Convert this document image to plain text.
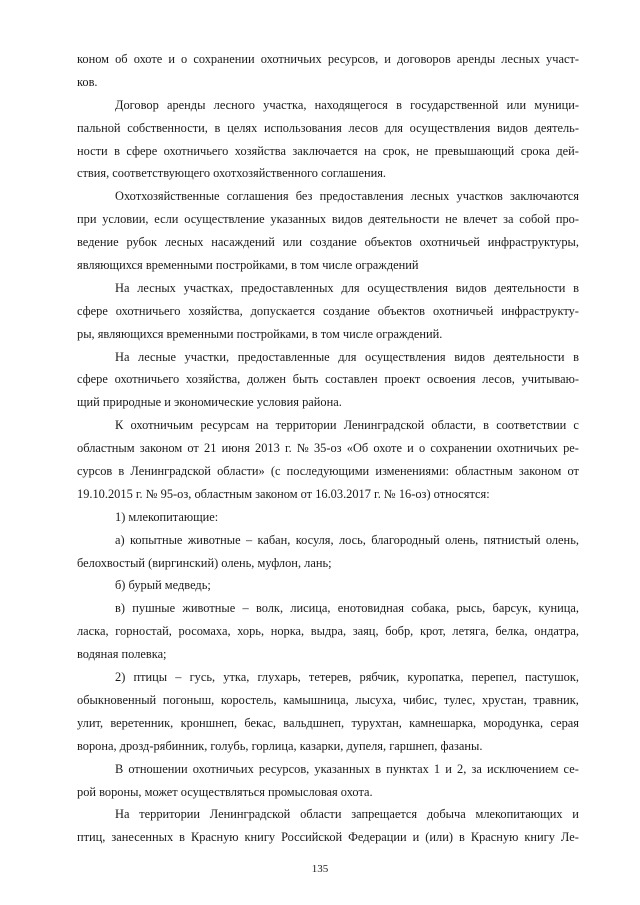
коном об охоте и о сохранении охотничьих ресурсов, и договоров аренды лесных участ-
ков.
Договор аренды лесного участка, находящегося в государственной или муници-
пальной собственности, в целях использования лесов для осуществления видов деятель-
ности в сфере охотничьего хозяйства заключается на срок, не превышающий срока дей-
ствия, соответствующего охотхозяйственного соглашения.
Охотхозяйственные соглашения без предоставления лесных участков заключаются
при условии, если осуществление указанных видов деятельности не влечет за собой про-
ведение рубок лесных насаждений или создание объектов охотничьей инфраструктуры,
являющихся временными постройками, в том числе ограждений
На лесных участках, предоставленных для осуществления видов деятельности в
сфере охотничьего хозяйства, допускается создание объектов охотничьей инфраструкту-
ры, являющихся временными постройками, в том числе ограждений.
На лесные участки, предоставленные для осуществления видов деятельности в
сфере охотничьего хозяйства, должен быть составлен проект освоения лесов, учитываю-
щий природные и экономические условия района.
К охотничьим ресурсам на территории Ленинградской области, в соответствии с
областным законом от 21 июня 2013 г. № 35-оз «Об охоте и о сохранении охотничьих ре-
сурсов в Ленинградской области» (с последующими изменениями: областным законом от
19.10.2015 г. № 95-оз, областным законом от 16.03.2017 г. № 16-оз) относятся:
1) млекопитающие:
а) копытные животные – кабан, косуля, лось, благородный олень, пятнистый олень,
белохвостый (виргинский) олень, муфлон, лань;
б) бурый медведь;
в) пушные животные – волк, лисица, енотовидная собака, рысь, барсук, куница,
ласка, горностай, росомаха, хорь, норка, выдра, заяц, бобр, крот, летяга, белка, ондатра,
водяная полевка;
2) птицы – гусь, утка, глухарь, тетерев, рябчик, куропатка, перепел, пастушок,
обыкновенный погоныш, коростель, камышница, лысуха, чибис, тулес, хрустан, травник,
улит, веретенник, кроншнеп, бекас, вальдшнеп, турухтан, камнешарка, мородунка, серая
ворона, дрозд-рябинник, голубь, горлица, казарки, дупеля, гаршнеп, фазаны.
В отношении охотничьих ресурсов, указанных в пунктах 1 и 2, за исключением се-
рой вороны, может осуществляться промысловая охота.
На территории Ленинградской области запрещается добыча млекопитающих и
птиц, занесенных в Красную книгу Российской Федерации и (или) в Красную книгу Ле-
135
